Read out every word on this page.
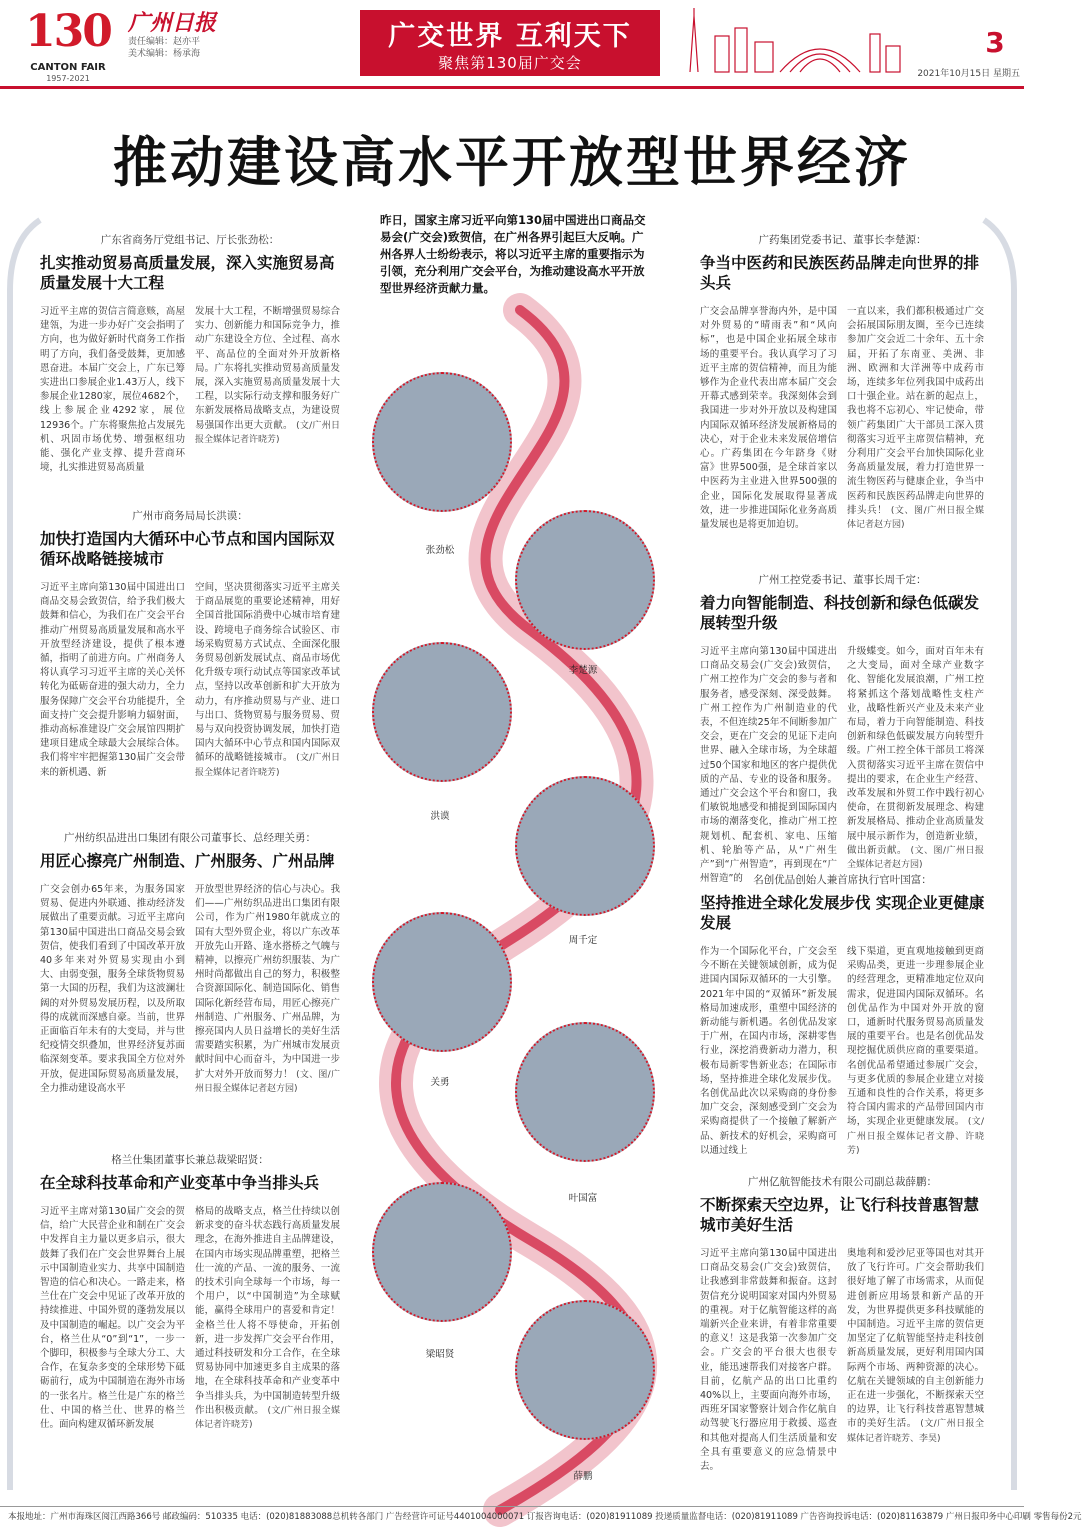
130
CANTON FAIR
1957-2021
广州日报
责任编辑：赵亦平
美术编辑：杨承海
广交世界 互利天下
聚焦第130届广交会
3
2021年10月15日 星期五
推动建设高水平开放型世界经济
昨日，国家主席习近平向第130届中国进出口商品交易会(广交会)致贺信，在广州各界引起巨大反响。广州各界人士纷纷表示，将以习近平主席的重要指示为引领，充分利用广交会平台，为推动建设高水平开放型世界经济贡献力量。
张劲松
李楚源
洪谟
周千定
关勇
叶国富
梁昭贤
薛鹏
广东省商务厅党组书记、厅长张劲松：
扎实推动贸易高质量发展，深入实施贸易高质量发展十大工程
习近平主席的贺信言简意赅，高屋建瓴，为进一步办好广交会指明了方向，也为做好新时代商务工作指明了方向，我们备受鼓舞，更加感恩奋进。本届广交会上，广东已筹实进出口参展企业1.43万人，线下参展企业1280家，展位4682个，线上参展企业4292家，展位12936个。广东将聚焦抢占发展先机、巩固市场优势、增强枢纽功能、强化产业支撑、提升营商环境，扎实推进贸易高质量
发展十大工程，不断增强贸易综合实力、创新能力和国际竞争力，推动广东建设全方位、全过程、高水平、高品位的全面对外开放新格局。广东将扎实推动贸易高质量发展，深入实施贸易高质量发展十大工程，以实际行动支撑和服务好广东新发展格局战略支点，为建设贸易强国作出更大贡献。 (文/广州日报全媒体记者许晓芳)
广州市商务局局长洪谟：
加快打造国内大循环中心节点和国内国际双循环战略链接城市
习近平主席向第130届中国进出口商品交易会致贺信，给予我们极大鼓舞和信心，为我们在广交会平台推动广州贸易高质量发展和高水平开放型经济建设，提供了根本遵循，指明了前进方向。广州商务人将认真学习习近平主席的关心关怀转化为砥砺奋进的强大动力，全力服务保障广交会平台功能提升，全面支持广交会提升影响力辐射面，推动高标准建设广交会展馆四期扩建项目建成全球最大会展综合体。我们将牢牢把握第130届广交会带来的新机遇、新
空间，坚决贯彻落实习近平主席关于商品展览的重要论述精神，用好全国首批国际消费中心城市培育建设、跨境电子商务综合试验区、市场采购贸易方式试点、全面深化服务贸易创新发展试点、商品市场优化升级专项行动试点等国家改革试点，坚持以改革创新和扩大开放为动力，有序推动贸易与产业、进口与出口、货物贸易与服务贸易、贸易与双向投资协调发展，加快打造国内大循环中心节点和国内国际双循环的战略链接城市。 (文/广州日报全媒体记者许晓芳)
广州纺织品进出口集团有限公司董事长、总经理关勇：
用匠心擦亮广州制造、广州服务、广州品牌
广交会创办65年来，为服务国家贸易、促进内外联通、推动经济发展做出了重要贡献。习近平主席向第130届中国进出口商品交易会致贺信，使我们看到了中国改革开放40多年来对外贸易实现由小到大、由弱变强，服务全球货物贸易第一大国的历程，我们为这波澜壮阔的对外贸易发展历程，以及所取得的成就而深感自豪。当前，世界正面临百年未有的大变局，并与世纪疫情交织叠加，世界经济复苏面临深刻变革。要求我国全方位对外开放，促进国际贸易高质量发展，全力推动建设高水平
开放型世界经济的信心与决心。我们——广州纺织品进出口集团有限公司，作为广州1980年就成立的国有大型外贸企业，将以广东改革开放先山开路、逢水搭桥之气魄与精神，以擦亮广州纺织服装、为广州时尚都做出自己的努力，积极整合资源国际化、制造国际化、销售国际化新经营布局，用匠心擦亮广州制造、广州服务、广州品牌，为擦亮国内人员日益增长的美好生活需要踏实积累，为广州城市发展贡献时间中心而奋斗，为中国进一步扩大对外开放而努力！ (文、图/广州日报全媒体记者赵方园)
格兰仕集团董事长兼总裁梁昭贤：
在全球科技革命和产业变革中争当排头兵
习近平主席对第130届广交会的贺信，给广大民营企业和制在广交会中发挥自主力量以更多启示，很大鼓舞了我们在广交会世界舞台上展示中国制造业实力、共享中国制造智造的信心和决心。一路走来，格兰仕在广交会中见证了改革开放的持续推进、中国外贸的蓬勃发展以及中国制造的崛起。以广交会为平台，格兰仕从“0”到“1”，一步一个脚印，积极参与全球大分工、大合作，在复杂多变的全球形势下砥砺前行，成为中国制造在海外市场的一张名片。格兰仕是广东的格兰仕、中国的格兰仕、世界的格兰仕。面向构建双循环新发展
格局的战略支点，格兰仕持续以创新求变的奋斗状态践行高质量发展理念，在海外推进自主品牌建设，在国内市场实现品牌重塑，把格兰仕一流的产品、一流的服务、一流的技术引向全球每一个市场，每一个用户，以“中国制造”为全球赋能，赢得全球用户的喜爱和肯定！金格兰仕人将不辱使命，开拓创新，进一步发挥广交会平台作用，通过科技研发和分工合作，在全球贸易协同中加速更多自主成果的落地，在全球科技革命和产业变革中争当排头兵，为中国制造转型升级作出积极贡献。 (文/广州日报全媒体记者许晓芳)
广药集团党委书记、董事长李楚源：
争当中医药和民族医药品牌走向世界的排头兵
广交会品牌享誉海内外，是中国对外贸易的“晴雨表”和“风向标”，也是中国企业拓展全球市场的重要平台。我认真学习了习近平主席的贺信精神，而且为能够作为企业代表出席本届广交会开幕式感到荣幸。我深刻体会到我国进一步对外开放以及构建国内国际双循环经济发展新格局的决心，对于企业未来发展倍增信心。广药集团在今年跻身《财富》世界500强，是全球首家以中医药为主业进入世界500强的企业，国际化发展取得显著成效，进一步推进国际化业务高质量发展也是将更加迫切。
一直以来，我们都积极通过广交会拓展国际朋友圈，至今已连续参加广交会近二十余年、五十余届，开拓了东南亚、美洲、非洲、欧洲和大洋洲等中成药市场，连续多年位列我国中成药出口十强企业。站在新的起点上，我也将不忘初心、牢记使命，带领广药集团广大干部员工深入贯彻落实习近平主席贺信精神，充分利用广交会平台加快国际化业务高质量发展，着力打造世界一流生物医药与健康企业，争当中医药和民族医药品牌走向世界的排头兵！ (文、图/广州日报全媒体记者赵方园)
广州工控党委书记、董事长周千定：
着力向智能制造、科技创新和绿色低碳发展转型升级
习近平主席向第130届中国进出口商品交易会(广交会)致贺信，广州工控作为广交会的参与者和服务者，感受深刻、深受鼓舞。广州工控作为广州制造业的代表，不但连续25年不间断参加广交会，更在广交会的见证下走向世界、融入全球市场，为全球超过50个国家和地区的客户提供优质的产品、专业的设备和服务。通过广交会这个平台和窗口，我们敏锐地感受和捕捉到国际国内市场的潮落变化，推动广州工控规划机、配套机、家电、压缩机、轮胎等产品，从“广州生产”到“广州智造”，再到现在“广州智造”的
升级蝶变。如今，面对百年未有之大变局，面对全球产业数字化、智能化发展浪潮，广州工控将紧抓这个落划战略性支柱产业，战略性新兴产业及未来产业布局，着力于向智能制造、科技创新和绿色低碳发展方向转型升级。广州工控全体干部员工将深入贯彻落实习近平主席在贺信中提出的要求，在企业生产经营、改革发展和外贸工作中践行初心使命，在贯彻新发展理念、构建新发展格局、推动企业高质量发展中展示新作为，创造新业绩，做出新贡献。 (文、图/广州日报全媒体记者赵方园)
名创优品创始人兼首席执行官叶国富：
坚持推进全球化发展步伐 实现企业更健康发展
作为一个国际化平台，广交会至今不断在关键领域创新，成为促进国内国际双循环的一大引擎。2021年中国的“双循环”新发展格局加速成形，重塑中国经济的新动能与新机遇。名创优品发家于广州，在国内市场，深耕零售行业，深挖消费新动力潜力，积极布局新零售新业态；在国际市场，坚持推进全球化发展步伐。名创优品此次以采购商的身份参加广交会，深刻感受到广交会为采购商提供了一个接触了解新产品、新技术的好机会，采购商可以通过线上
线下渠道，更直观地接触到更商采购品类，更进一步理参展企业的经营理念，更精准地定位双向需求，促进国内国际双循环。名创优品作为中国对外开放的窗口，通新时代服务贸易高质量发展的重要平台。也是名创优品发现挖掘优质供应商的重要渠道。名创优品希望通过参展广交会，与更多优质的参展企业建立对接互通和良性的合作关系，将更多符合国内需求的产品带回国内市场，实现企业更健康发展。 (文/广州日报全媒体记者文静、许晓芳)
广州亿航智能技术有限公司副总裁薛鹏：
不断探索天空边界，让飞行科技普惠智慧城市美好生活
习近平主席向第130届中国进出口商品交易会(广交会)致贺信，让我感到非常鼓舞和振奋。这封贺信充分说明国家对国内外贸易的重视。对于亿航智能这样的高端新兴企业来讲，有着非常重要的意义！这是我第一次参加广交会。广交会的平台很大也很专业，能迅速帮我们对接客户群。目前，亿航产品的出口比重约40%以上，主要面向海外市场，西班牙国家警察计划合作亿航自动驾驶飞行器应用于救援、巡查和其他对提高人们生活质量和安全具有重要意义的应急情景中去。
奥地利和爱沙尼亚等国也对其开放了飞行许可。广交会帮助我们很好地了解了市场需求，从而促进创新应用场景和新产品的开发，为世界提供更多科技赋能的中国制造。习近平主席的贺信更加坚定了亿航智能坚持走科技创新高质量发展，更好利用国内国际两个市场、两种资源的决心。亿航在关键领域的自主创新能力正在进一步强化，不断探索天空的边界，让飞行科技普惠智慧城市的美好生活。 (文/广州日报全媒体记者许晓芳、李昊)
本报地址：广州市海珠区阅江西路366号 邮政编码：510335 电话：(020)81883088总机转各部门 广告经营许可证号4401004000071 订报咨询电话：(020)81911089 投递质量监督电话：(020)81911089 广告咨询投诉电话：(020)81163879 广州日报印务中心印刷 零售每份2元
